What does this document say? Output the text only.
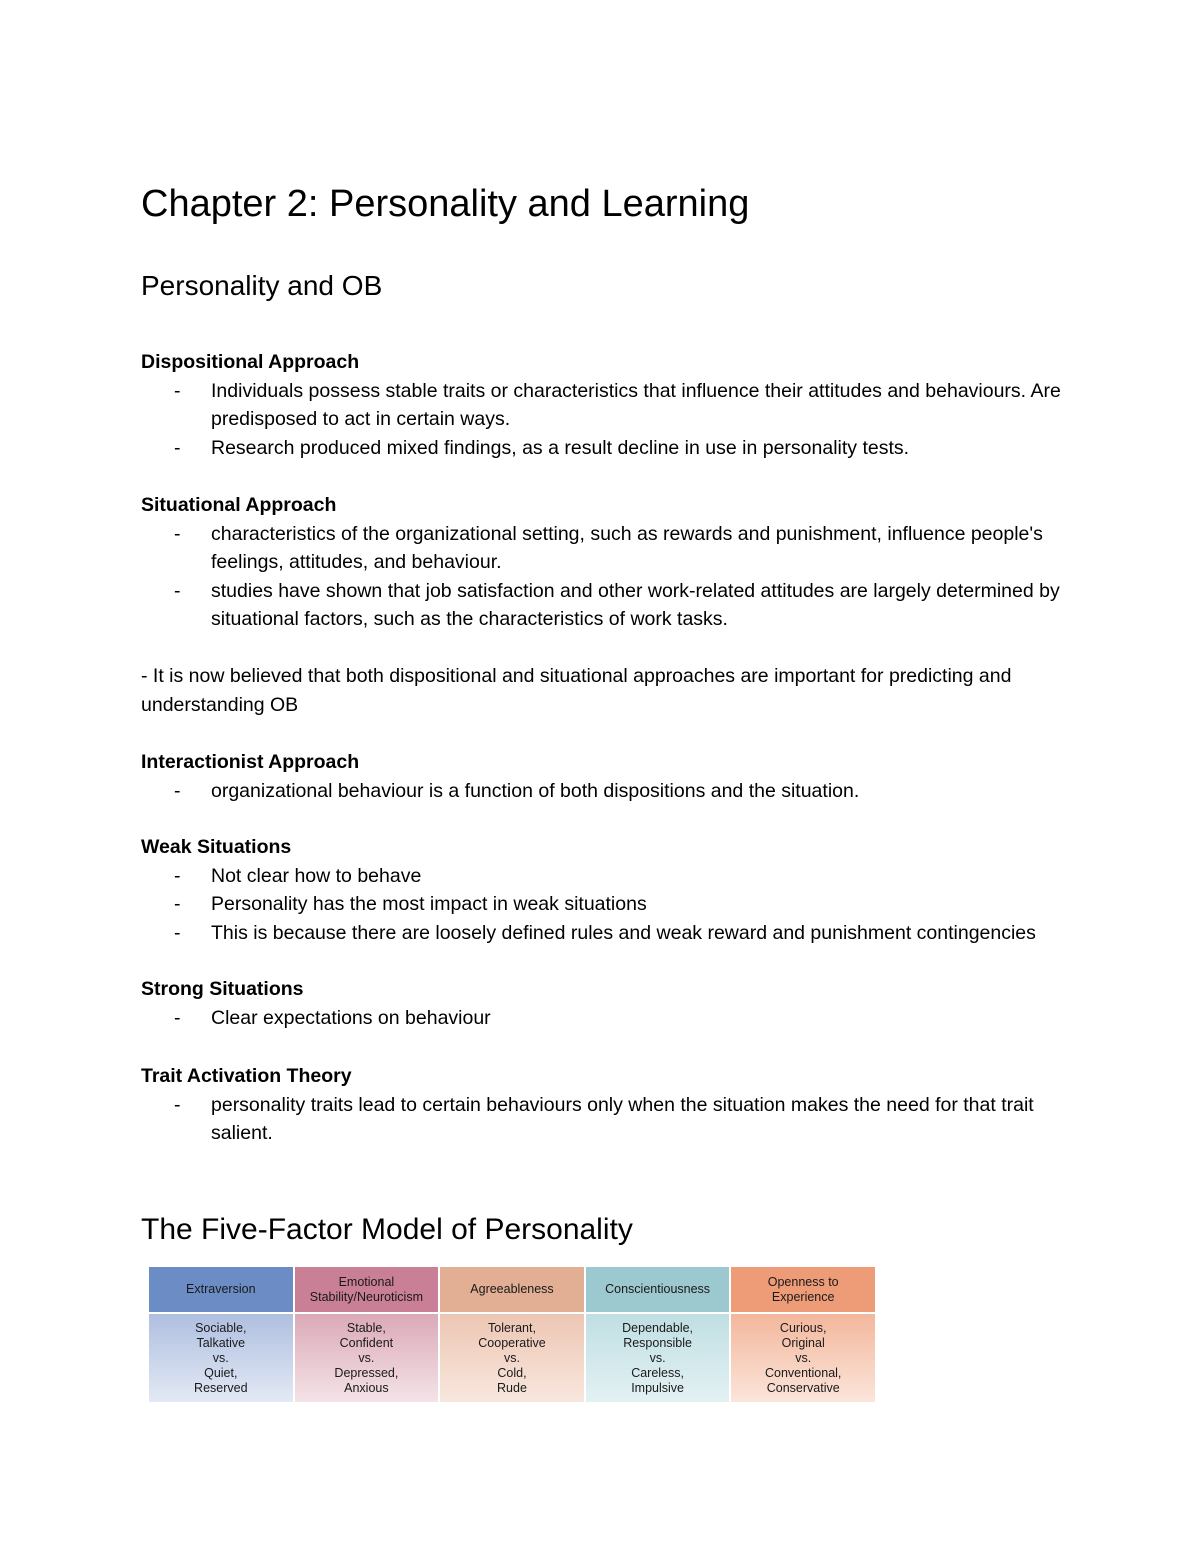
Chapter 2: Personality and Learning
Personality and OB

Dispositional Approach

- Individuals possess stable traits or characteristics that influence their attitudes and behaviours. Are predisposed to act in certain ways.
- Research produced mixed findings, as a result decline in use in personality tests.

Situational Approach

- characteristics of the organizational setting, such as rewards and punishment, influence people's feelings, attitudes, and behaviour.
- studies have shown that job satisfaction and other work-related attitudes are largely determined by situational factors, such as the characteristics of work tasks.

- It is now believed that both dispositional and situational approaches are important for predicting and understanding OB

Interactionist Approach

- organizational behaviour is a function of both dispositions and the situation.

Weak Situations

- Not clear how to behave
- Personality has the most impact in weak situations
- This is because there are loosely defined rules and weak reward and punishment contingencies

Strong Situations

- Clear expectations on behaviour

Trait Activation Theory

- personality traits lead to certain behaviours only when the situation makes the need for that trait salient.
The Five-Factor Model of Personality
Extraversion
Emotional Stability/Neuroticism
Agreeableness	Conscientiousness
Openness to Experience
Sociable,
Talkative
vs.
Quiet,
Reserved
Stable,
Confident
vs.
Depressed,
Anxious
Tolerant,
Cooperative
vs.
Cold,
Rude
Dependable,
Responsible
vs.
Careless,
Impulsive
Curious,
Original
vs.
Conventional,
Conservative
